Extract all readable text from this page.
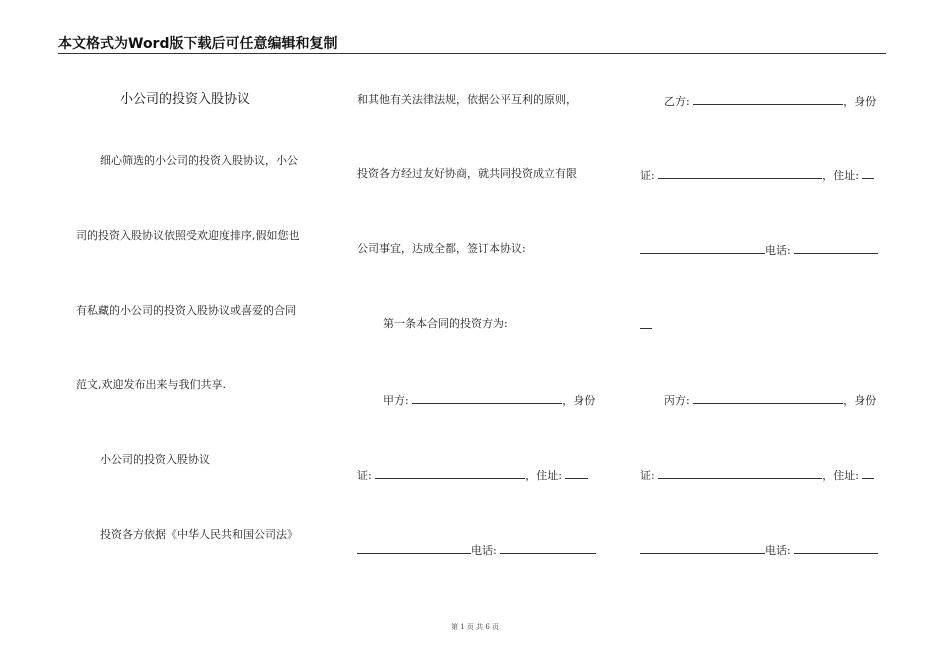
本文格式为Word版下载后可任意编辑和复制
小公司的投资入股协议
细心筛选的小公司的投资入股协议，小公
司的投资入股协议依照受欢迎度排序,假如您也
有私藏的小公司的投资入股协议或喜爱的合同
范文,欢迎发布出来与我们共享.
小公司的投资入股协议
投资各方依据《中华人民共和国公司法》
和其他有关法律法规，依据公平互利的原则，
投资各方经过友好协商，就共同投资成立有限
公司事宜，达成全都，签订本协议:
第一条本合同的投资方为:
甲方:	，身份
证:	，住址:
电话:
乙方:	，身份
证:	，住址:
电话:
丙方:	，身份
证:	，住址:
电话:
第 1 页 共 6 页
